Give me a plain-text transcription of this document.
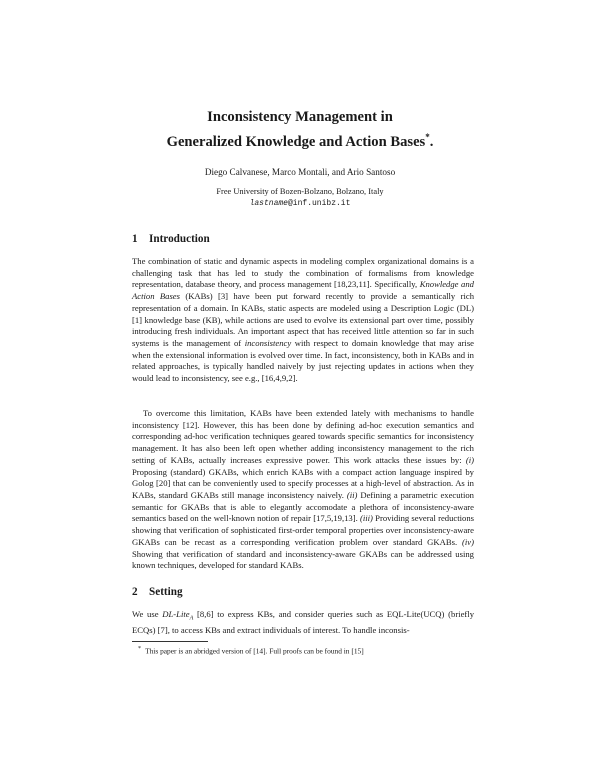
Inconsistency Management in
Generalized Knowledge and Action Bases*.
Diego Calvanese, Marco Montali, and Ario Santoso
Free University of Bozen-Bolzano, Bolzano, Italy
lastname@inf.unibz.it
1 Introduction
The combination of static and dynamic aspects in modeling complex organizational domains is a challenging task that has led to study the combination of formalisms from knowledge representation, database theory, and process management [18,23,11]. Specifically, Knowledge and Action Bases (KABs) [3] have been put forward recently to provide a semantically rich representation of a domain. In KABs, static aspects are modeled using a Description Logic (DL) [1] knowledge base (KB), while actions are used to evolve its extensional part over time, possibly introducing fresh individuals. An important aspect that has received little attention so far in such systems is the management of inconsistency with respect to domain knowledge that may arise when the extensional information is evolved over time. In fact, inconsistency, both in KABs and in related approaches, is typically handled naively by just rejecting updates in actions when they would lead to inconsistency, see e.g., [16,4,9,2].
To overcome this limitation, KABs have been extended lately with mechanisms to handle inconsistency [12]. However, this has been done by defining ad-hoc execution semantics and corresponding ad-hoc verification techniques geared towards specific semantics for inconsistency management. It has also been left open whether adding inconsistency management to the rich setting of KABs, actually increases expressive power. This work attacks these issues by: (i) Proposing (standard) GKABs, which enrich KABs with a compact action language inspired by Golog [20] that can be conveniently used to specify processes at a high-level of abstraction. As in KABs, standard GKABs still manage inconsistency naively. (ii) Defining a parametric execution semantic for GKABs that is able to elegantly accomodate a plethora of inconsistency-aware semantics based on the well-known notion of repair [17,5,19,13]. (iii) Providing several reductions showing that verification of sophisticated first-order temporal properties over inconsistency-aware GKABs can be recast as a corresponding verification problem over standard GKABs. (iv) Showing that verification of standard and inconsistency-aware GKABs can be addressed using known techniques, developed for standard KABs.
2 Setting
We use DL-Lite$_A$ [8,6] to express KBs, and consider queries such as EQL-Lite(UCQ) (briefly ECQs) [7], to access KBs and extract individuals of interest. To handle inconsis-
* This paper is an abridged version of [14]. Full proofs can be found in [15]
